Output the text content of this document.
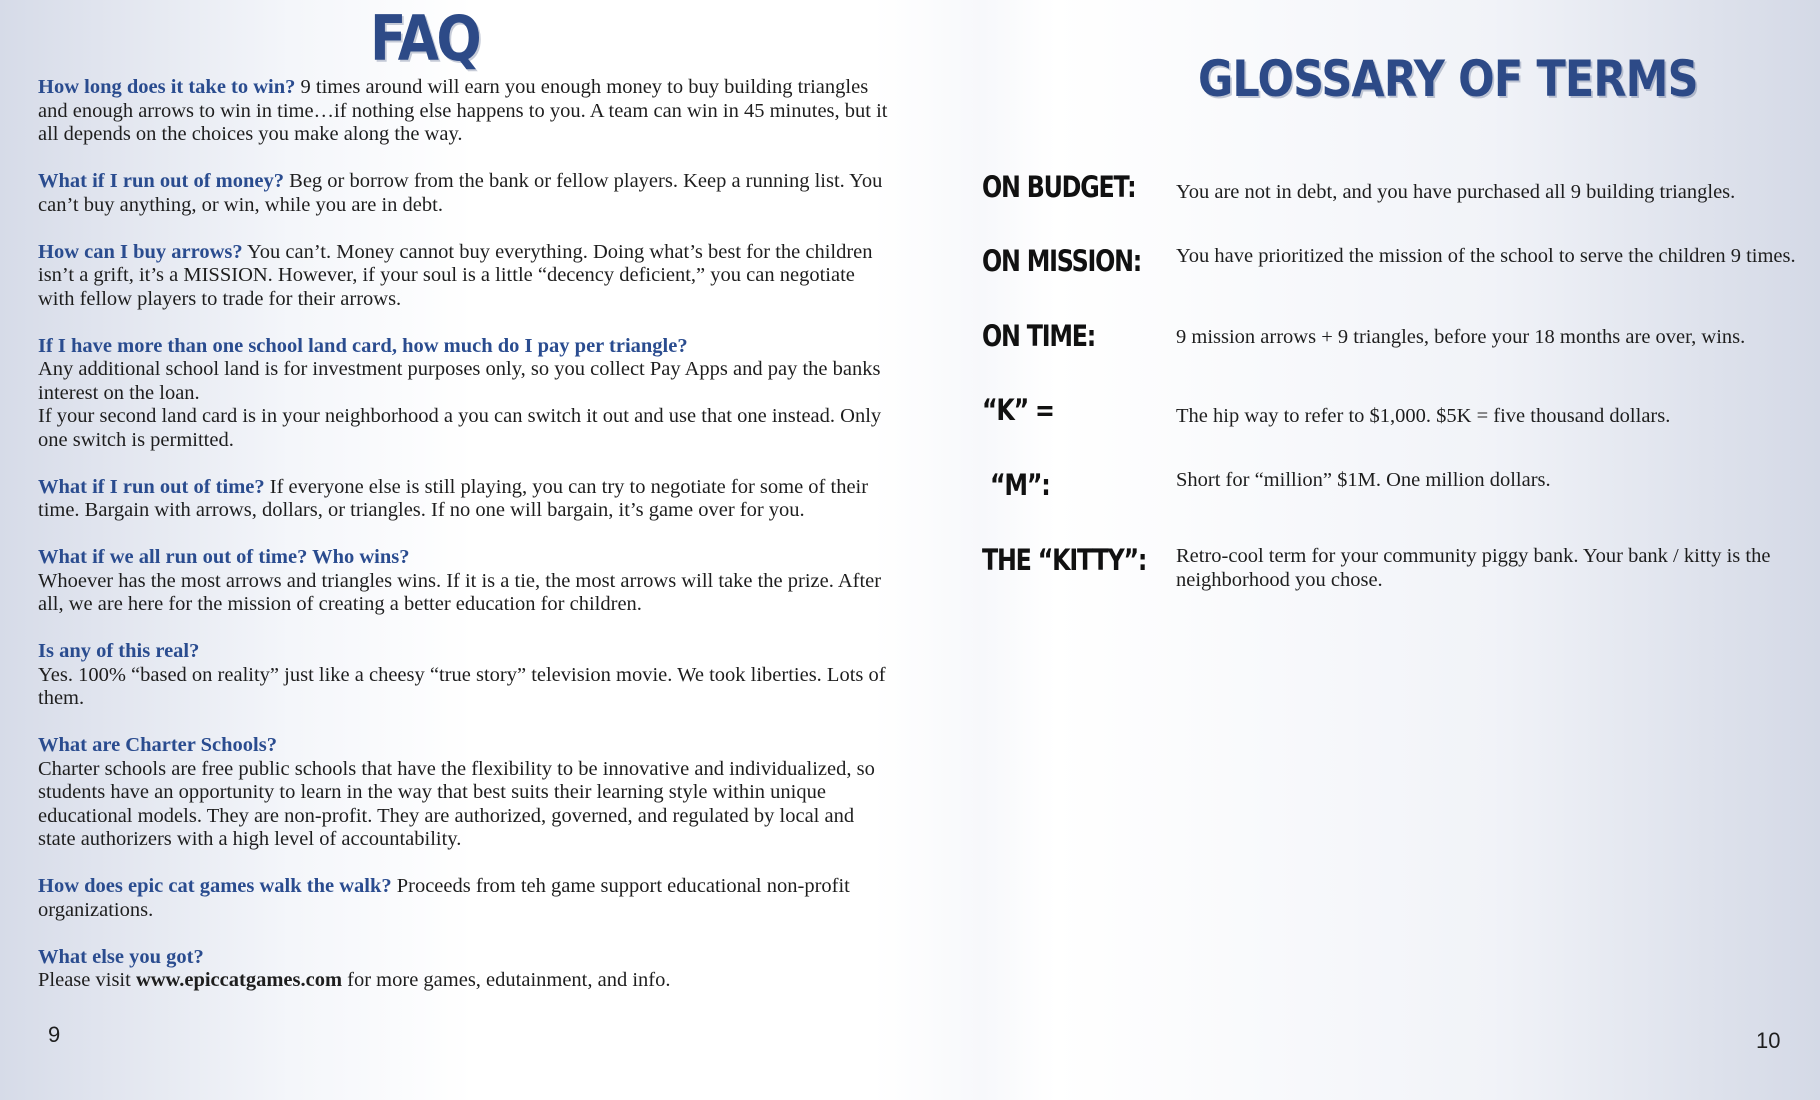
FAQ
How long does it take to win? 9 times around will earn you enough money to buy building triangles and enough arrows to win in time…if nothing else happens to you. A team can win in 45 minutes, but it all depends on the choices you make along the way.
What if I run out of money? Beg or borrow from the bank or fellow players. Keep a running list. You can’t buy anything, or win, while you are in debt.
How can I buy arrows? You can’t. Money cannot buy everything. Doing what’s best for the children isn’t a grift, it’s a MISSION. However, if your soul is a little “decency deficient,” you can negotiate with fellow players to trade for their arrows.
If I have more than one school land card, how much do I pay per triangle?
Any additional school land is for investment purposes only, so you collect Pay Apps and pay the banks interest on the loan.
If your second land card is in your neighborhood a you can switch it out and use that one instead. Only one switch is permitted.
What if I run out of time? If everyone else is still playing, you can try to negotiate for some of their time. Bargain with arrows, dollars, or triangles. If no one will bargain, it’s game over for you.
What if we all run out of time? Who wins?
Whoever has the most arrows and triangles wins. If it is a tie, the most arrows will take the prize. After all, we are here for the mission of creating a better education for children.
Is any of this real?
Yes. 100% “based on reality” just like a cheesy “true story” television movie. We took liberties. Lots of them.
What are Charter Schools?
Charter schools are free public schools that have the flexibility to be innovative and individualized, so students have an opportunity to learn in the way that best suits their learning style within unique educational models. They are non-profit. They are authorized, governed, and regulated by local and state authorizers with a high level of accountability.
How does epic cat games walk the walk? Proceeds from teh game support educational non-profit organizations.
What else you got?
Please visit www.epiccatgames.com for more games, edutainment, and info.
9
GLOSSARY OF TERMS
ON BUDGET: You are not in debt, and you have purchased all 9 building triangles.
ON MISSION: You have prioritized the mission of the school to serve the children 9 times.
ON TIME:	9 mission arrows + 9 triangles, before your 18 months are over, wins.
“K” =	The hip way to refer to $1,000. $5K = five thousand dollars.
“M”:	Short for “million” $1M. One million dollars.
THE “KITTY”: Retro-cool term for your community piggy bank. Your bank / kitty is the neighborhood you chose.
10
